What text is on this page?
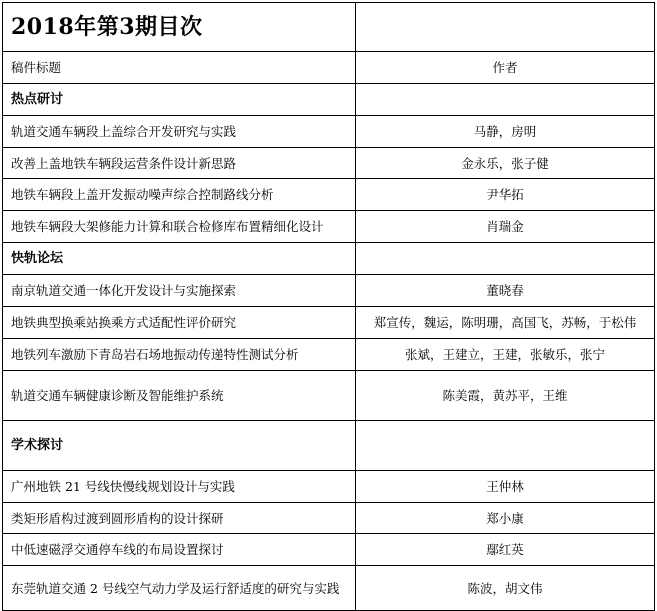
2018年第3期目次	
稿件标题	作者
热点研讨	
轨道交通车辆段上盖综合开发研究与实践	马静，房明
改善上盖地铁车辆段运营条件设计新思路	金永乐，张子健
地铁车辆段上盖开发振动噪声综合控制路线分析	尹华拓
地铁车辆段大架修能力计算和联合检修库布置精细化设计	肖瑞金
快轨论坛	
南京轨道交通一体化开发设计与实施探索	董晓春
地铁典型换乘站换乘方式适配性评价研究	郑宣传，魏运，陈明珊，高国飞，苏畅，于松伟
地铁列车激励下青岛岩石场地振动传递特性测试分析	张斌，王建立，王建，张敏乐，张宁
轨道交通车辆健康诊断及智能维护系统	陈美霞，黄苏平，王维
学术探讨	
广州地铁 21 号线快慢线规划设计与实践	王仲林
类矩形盾构过渡到圆形盾构的设计探研	郑小康
中低速磁浮交通停车线的布局设置探讨	鄢红英
东莞轨道交通 2 号线空气动力学及运行舒适度的研究与实践	陈波，胡文伟
